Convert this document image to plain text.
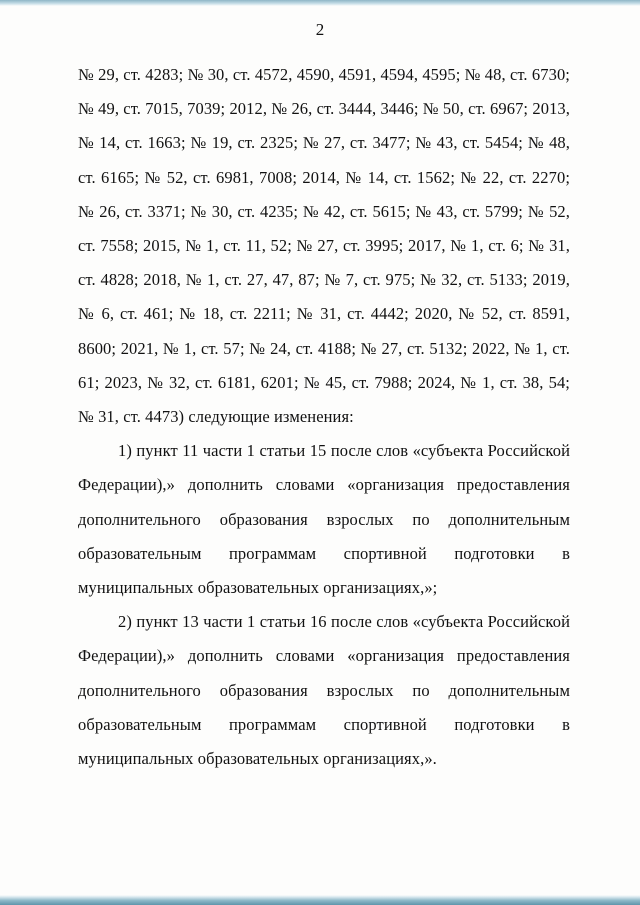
2

№ 29, ст. 4283; № 30, ст. 4572, 4590, 4591, 4594, 4595; № 48, ст. 6730; № 49, ст. 7015, 7039; 2012, № 26, ст. 3444, 3446; № 50, ст. 6967; 2013, № 14, ст. 1663; № 19, ст. 2325; № 27, ст. 3477; № 43, ст. 5454; № 48, ст. 6165; № 52, ст. 6981, 7008; 2014, № 14, ст. 1562; № 22, ст. 2270; № 26, ст. 3371; № 30, ст. 4235; № 42, ст. 5615; № 43, ст. 5799; № 52, ст. 7558; 2015, № 1, ст. 11, 52; № 27, ст. 3995; 2017, № 1, ст. 6; № 31, ст. 4828; 2018, № 1, ст. 27, 47, 87; № 7, ст. 975; № 32, ст. 5133; 2019, № 6, ст. 461; № 18, ст. 2211; № 31, ст. 4442; 2020, № 52, ст. 8591, 8600; 2021, № 1, ст. 57; № 24, ст. 4188; № 27, ст. 5132; 2022, № 1, ст. 61; 2023, № 32, ст. 6181, 6201; № 45, ст. 7988; 2024, № 1, ст. 38, 54; № 31, ст. 4473) следующие изменения:

1) пункт 11 части 1 статьи 15 после слов «субъекта Российской Федерации),» дополнить словами «организация предоставления дополнительного образования взрослых по дополнительным образовательным программам спортивной подготовки в муниципальных образовательных организациях,»;

2) пункт 13 части 1 статьи 16 после слов «субъекта Российской Федерации),» дополнить словами «организация предоставления дополнительного образования взрослых по дополнительным образовательным программам спортивной подготовки в муниципальных образовательных организациях,».
